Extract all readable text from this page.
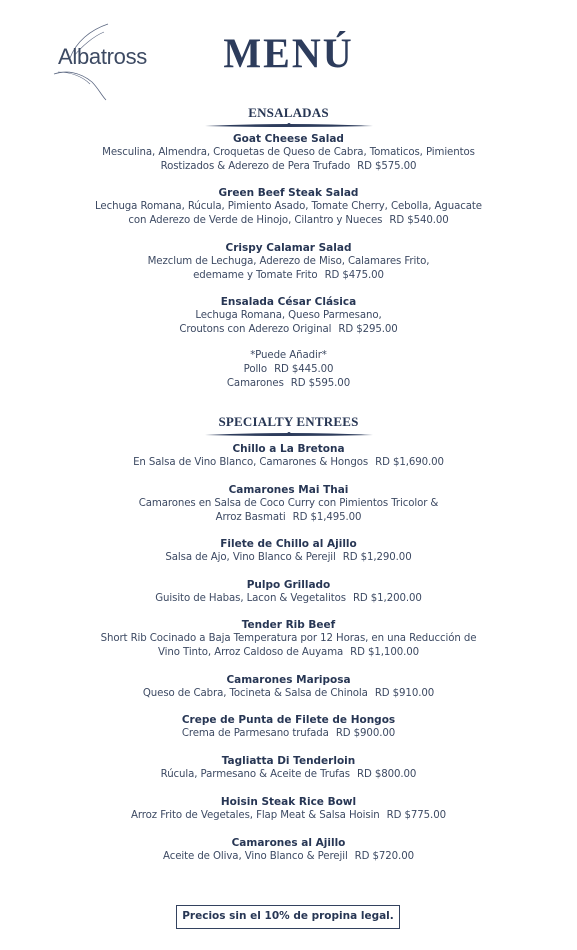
Albatross	MENÚ
ENSALADAS
Goat Cheese Salad
Mesculina, Almendra, Croquetas de Queso de Cabra, Tomaticos, Pimientos
Rostizados & Aderezo de Pera Trufado RD $575.00
Green Beef Steak Salad
Lechuga Romana, Rúcula, Pimiento Asado, Tomate Cherry, Cebolla, Aguacate
con Aderezo de Verde de Hinojo, Cilantro y Nueces RD $540.00
Crispy Calamar Salad
Mezclum de Lechuga, Aderezo de Miso, Calamares Frito,
edemame y Tomate Frito RD $475.00
Ensalada César Clásica
Lechuga Romana, Queso Parmesano,
Croutons con Aderezo Original RD $295.00
*Puede Añadir*
Pollo RD $445.00
Camarones RD $595.00
SPECIALTY ENTREES
Chillo a La Bretona
En Salsa de Vino Blanco, Camarones & Hongos RD $1,690.00
Camarones Mai Thai
Camarones en Salsa de Coco Curry con Pimientos Tricolor &
Arroz Basmati RD $1,495.00
Filete de Chillo al Ajillo
Salsa de Ajo, Vino Blanco & Perejil RD $1,290.00
Pulpo Grillado
Guisito de Habas, Lacon & Vegetalitos RD $1,200.00
Tender Rib Beef
Short Rib Cocinado a Baja Temperatura por 12 Horas, en una Reducción de
Vino Tinto, Arroz Caldoso de Auyama RD $1,100.00
Camarones Mariposa
Queso de Cabra, Tocineta & Salsa de Chinola RD $910.00
Crepe de Punta de Filete de Hongos
Crema de Parmesano trufada RD $900.00
Tagliatta Di Tenderloin
Rúcula, Parmesano & Aceite de Trufas RD $800.00
Hoisin Steak Rice Bowl
Arroz Frito de Vegetales, Flap Meat & Salsa Hoisin RD $775.00
Camarones al Ajillo
Aceite de Oliva, Vino Blanco & Perejil RD $720.00
Precios sin el 10% de propina legal.
